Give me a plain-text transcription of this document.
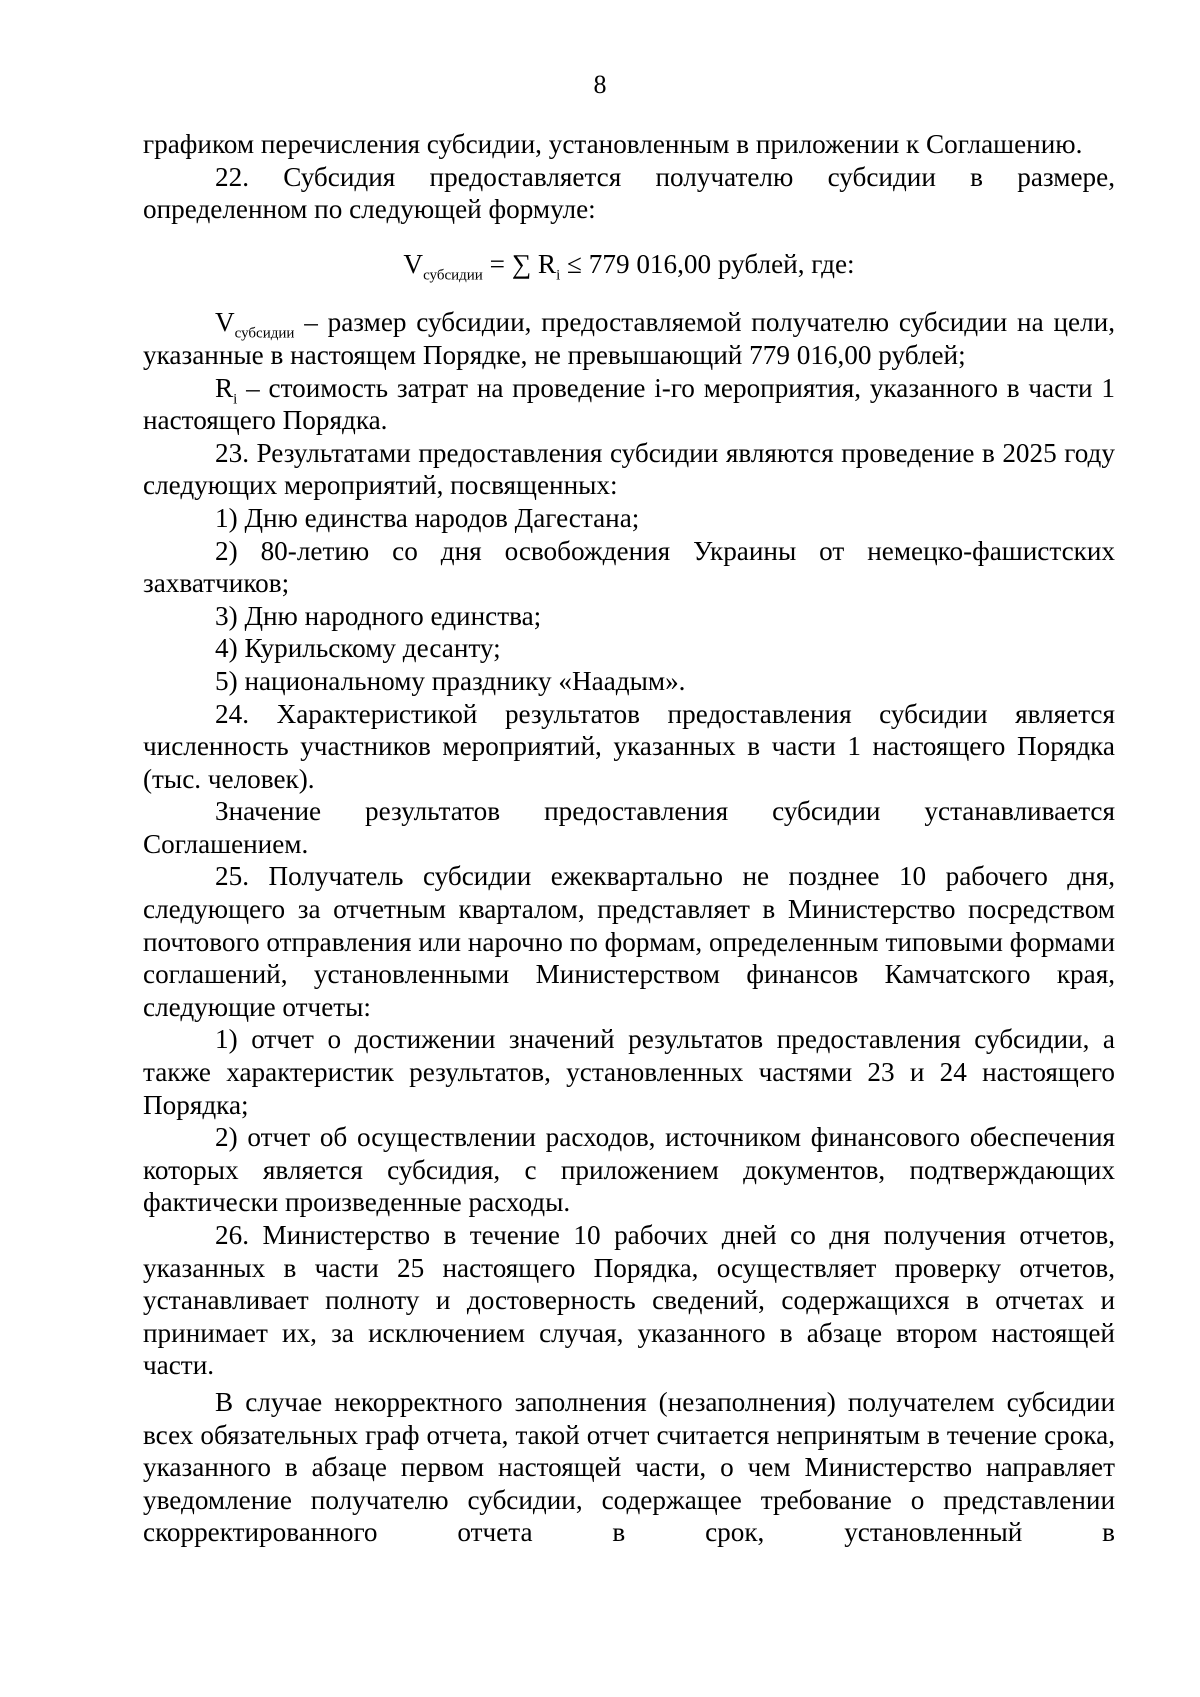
8

графиком перечисления субсидии, установленным в приложении к Соглашению.

22. Субсидия предоставляется получателю субсидии в размере, определенном по следующей формуле:

$V_{субсидии}$ = ∑ $R_i \le 779$ 016,00 рублей, где:

$V_{субсидии}$ – размер субсидии, предоставляемой получателю субсидии на цели, указанные в настоящем Порядке, не превышающий 779 016,00 рублей;

$R_i$ – стоимость затрат на проведение i-го мероприятия, указанного в части 1 настоящего Порядка.

23. Результатами предоставления субсидии являются проведение в 2025 году следующих мероприятий, посвященных:

1) Дню единства народов Дагестана;

2) 80-летию со дня освобождения Украины от немецко-фашистских захватчиков;

3) Дню народного единства;

4) Курильскому десанту;

5) национальному празднику «Наадым».

24. Характеристикой результатов предоставления субсидии является численность участников мероприятий, указанных в части 1 настоящего Порядка (тыс. человек).

Значение результатов предоставления субсидии устанавливается Соглашением.

25. Получатель субсидии ежеквартально не позднее 10 рабочего дня, следующего за отчетным кварталом, представляет в Министерство посредством почтового отправления или нарочно по формам, определенным типовыми формами соглашений, установленными Министерством финансов Камчатского края, следующие отчеты:

1) отчет о достижении значений результатов предоставления субсидии, а также характеристик результатов, установленных частями 23 и 24 настоящего Порядка;

2) отчет об осуществлении расходов, источником финансового обеспечения которых является субсидия, с приложением документов, подтверждающих фактически произведенные расходы.

26. Министерство в течение 10 рабочих дней со дня получения отчетов, указанных в части 25 настоящего Порядка, осуществляет проверку отчетов, устанавливает полноту и достоверность сведений, содержащихся в отчетах и принимает их, за исключением случая, указанного в абзаце втором настоящей части.

В случае некорректного заполнения (незаполнения) получателем субсидии всех обязательных граф отчета, такой отчет считается непринятым в течение срока, указанного в абзаце первом настоящей части, о чем Министерство направляет уведомление получателю субсидии, содержащее требование о представлении скорректированного отчета в срок, установленный в
